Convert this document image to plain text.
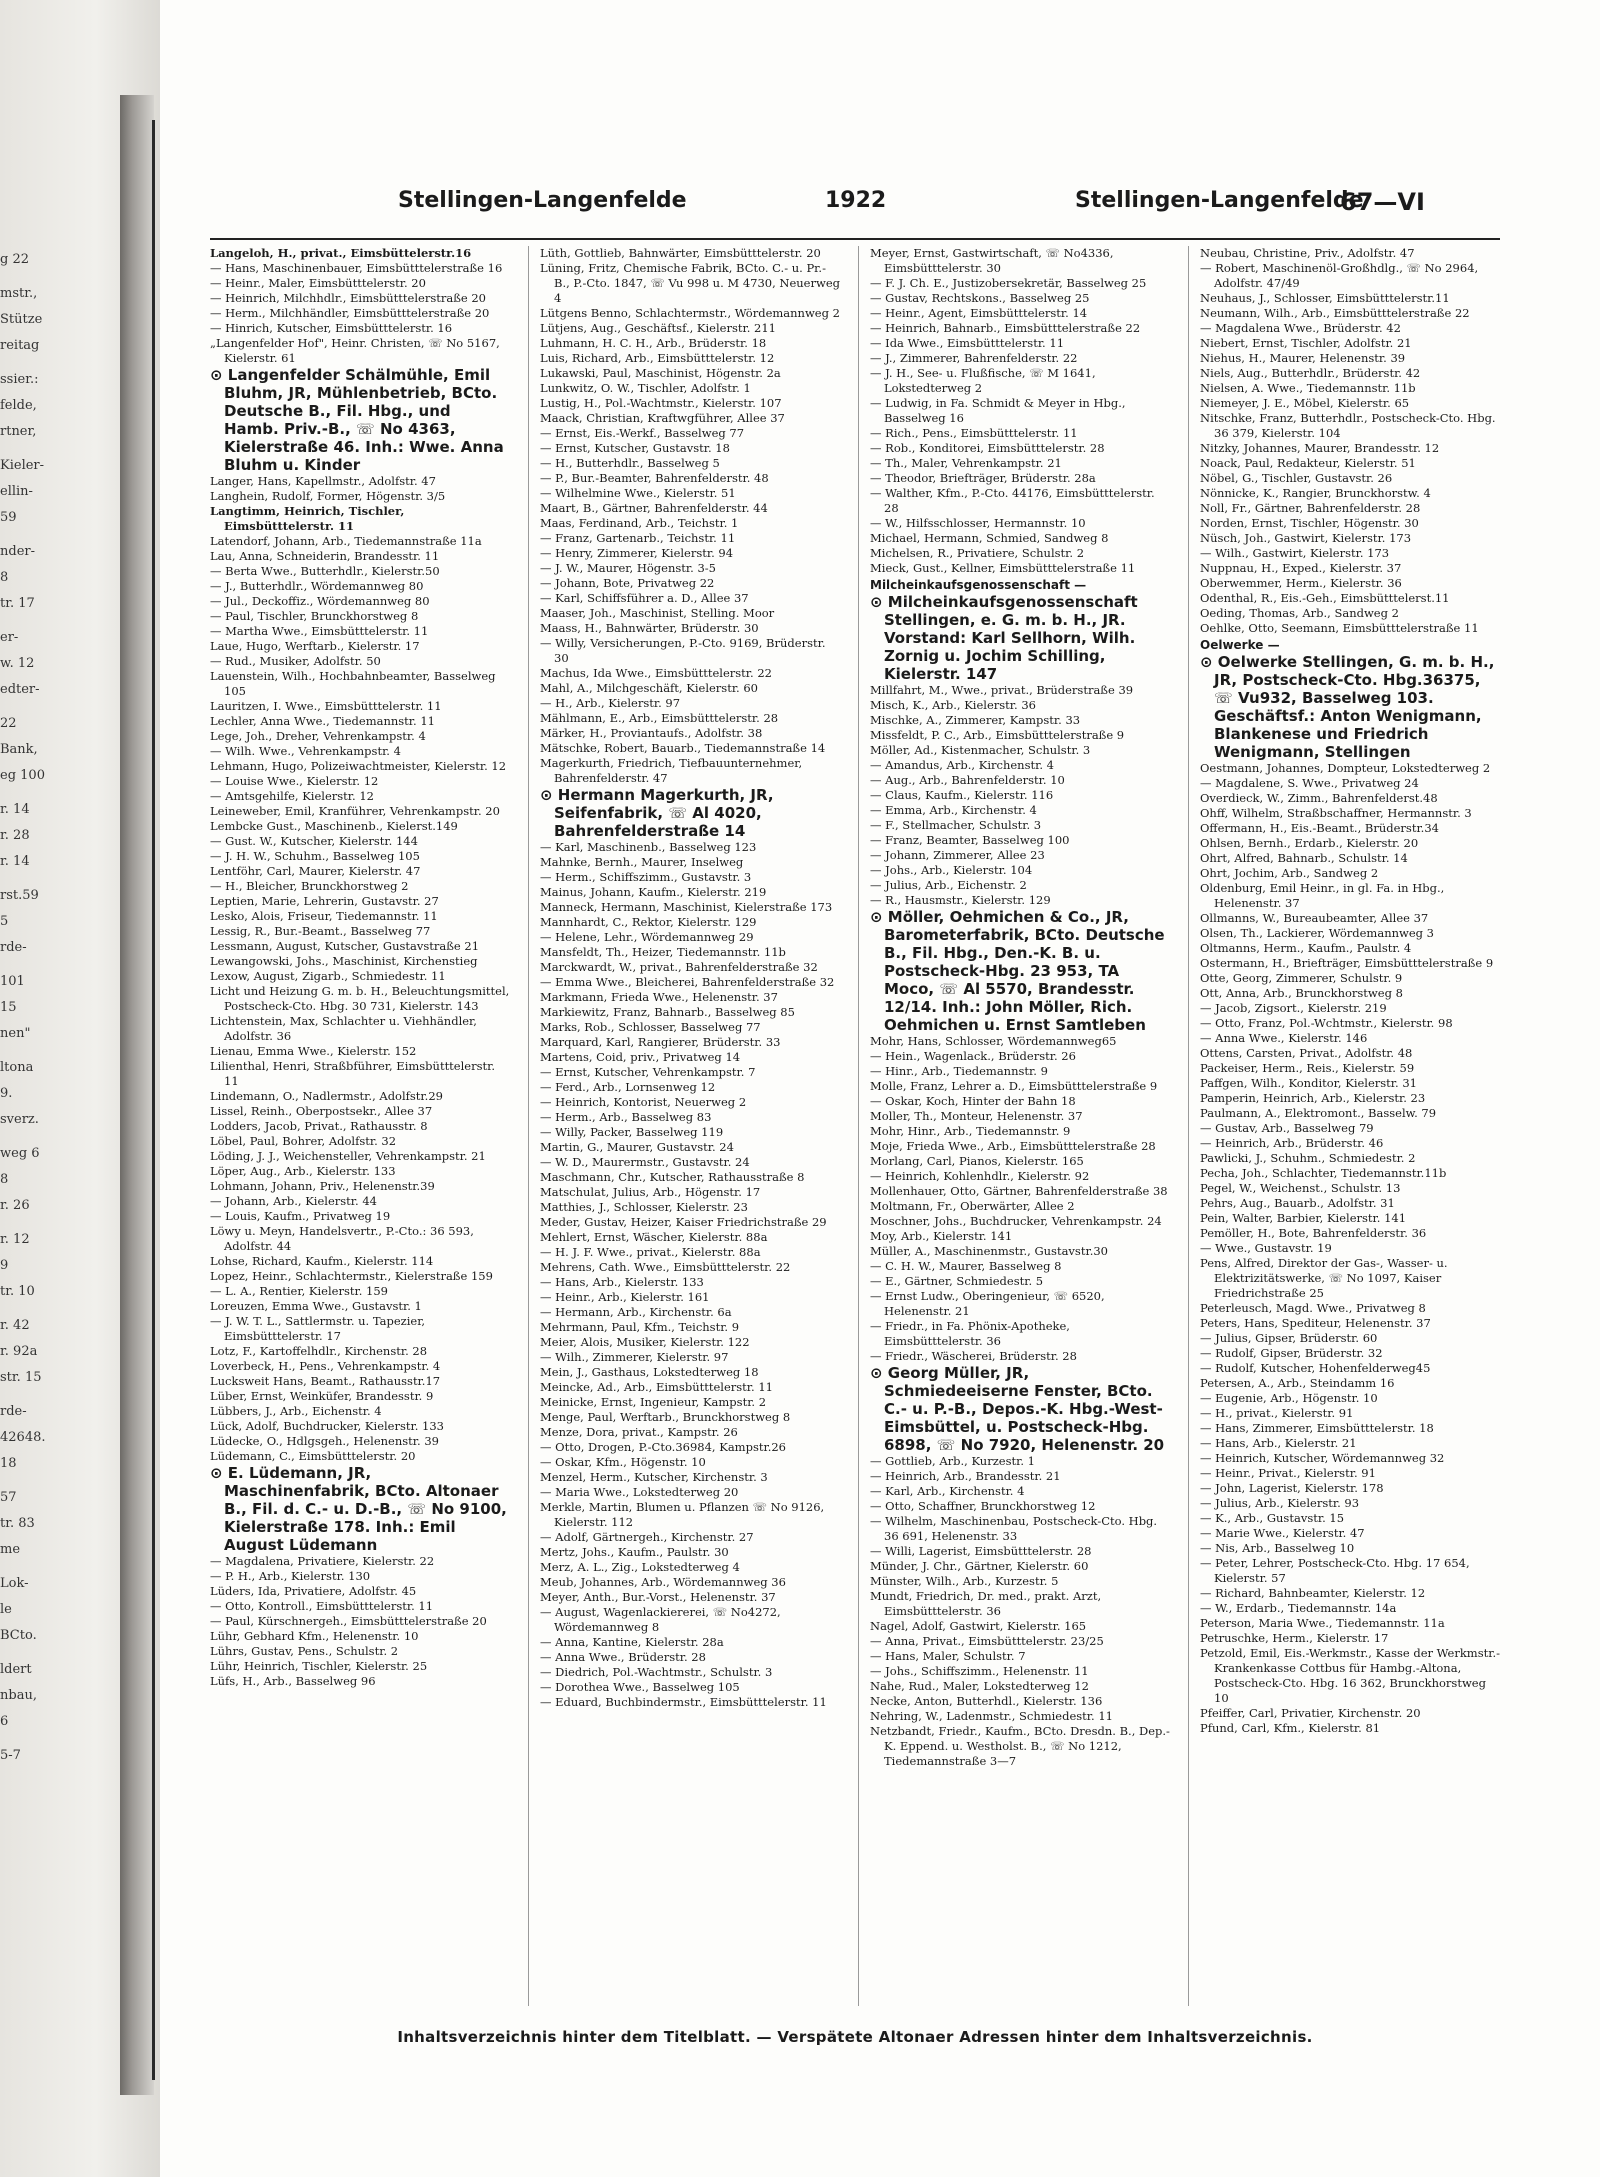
g 22
mstr.,
Stütze
reitag
ssier.:
felde,
rtner,
Kieler-
ellin-
59
nder-
8
tr. 17
er-
w. 12
edter-
22
Bank,
eg 100
r. 14
r. 28
r. 14
rst.59
5
rde-
101
15
nen"
ltona
9.
sverz.
weg 6
8
r. 26
r. 12
9
tr. 10
r. 42
r. 92a
str. 15
rde-
42648.
18
57
tr. 83
me
Lok-
le
BCto.
ldert
nbau,
6
5-7
Stellingen-Langenfelde	1922	Stellingen-Langenfelde
67—VI

Langeloh, H., privat., Eimsbüttelerstr.16

— Hans, Maschinenbauer, Eimsbütttelerstraße 16

— Heinr., Maler, Eimsbütttelerstr. 20

— Heinrich, Milchhdlr., Eimsbütttelerstraße 20

— Herm., Milchhändler, Eimsbütttelerstraße 20

— Hinrich, Kutscher, Eimsbütttelerstr. 16

„Langenfelder Hof", Heinr. Christen, ☏ No 5167, Kielerstr. 61

⊙ Langenfelder Schälmühle, Emil Bluhm, JR, Mühlenbetrieb, BCto. Deutsche B., Fil. Hbg., und Hamb. Priv.-B., ☏ No 4363, Kielerstraße 46. Inh.: Wwe. Anna Bluhm u. Kinder

Langer, Hans, Kapellmstr., Adolfstr. 47

Langhein, Rudolf, Former, Högenstr. 3/5

Langtimm, Heinrich, Tischler, Eimsbütttelerstr. 11

Latendorf, Johann, Arb., Tiedemannstraße 11a

Lau, Anna, Schneiderin, Brandesstr. 11

— Berta Wwe., Butterhdlr., Kielerstr.50

— J., Butterhdlr., Wördemannweg 80

— Jul., Deckoffiz., Wördemannweg 80

— Paul, Tischler, Brunckhorstweg 8

— Martha Wwe., Eimsbütttelerstr. 11

Laue, Hugo, Werftarb., Kielerstr. 17

— Rud., Musiker, Adolfstr. 50

Lauenstein, Wilh., Hochbahnbeamter, Basselweg 105

Lauritzen, I. Wwe., Eimsbütttelerstr. 11

Lechler, Anna Wwe., Tiedemannstr. 11

Lege, Joh., Dreher, Vehrenkampstr. 4

— Wilh. Wwe., Vehrenkampstr. 4

Lehmann, Hugo, Polizeiwachtmeister, Kielerstr. 12

— Louise Wwe., Kielerstr. 12

— Amtsgehilfe, Kielerstr. 12

Leineweber, Emil, Kranführer, Vehrenkampstr. 20

Lembcke Gust., Maschinenb., Kielerst.149

— Gust. W., Kutscher, Kielerstr. 144

— J. H. W., Schuhm., Basselweg 105

Lentföhr, Carl, Maurer, Kielerstr. 47

— H., Bleicher, Brunckhorstweg 2

Leptien, Marie, Lehrerin, Gustavstr. 27

Lesko, Alois, Friseur, Tiedemannstr. 11

Lessig, R., Bur.-Beamt., Basselweg 77

Lessmann, August, Kutscher, Gustavstraße 21

Lewangowski, Johs., Maschinist, Kirchenstieg

Lexow, August, Zigarb., Schmiedestr. 11

Licht und Heizung G. m. b. H., Beleuchtungsmittel, Postscheck-Cto. Hbg. 30 731, Kielerstr. 143

Lichtenstein, Max, Schlachter u. Viehhändler, Adolfstr. 36

Lienau, Emma Wwe., Kielerstr. 152

Lilienthal, Henri, Straßbführer, Eimsbütttelerstr. 11

Lindemann, O., Nadlermstr., Adolfstr.29

Lissel, Reinh., Oberpostsekr., Allee 37

Lodders, Jacob, Privat., Rathausstr. 8

Löbel, Paul, Bohrer, Adolfstr. 32

Löding, J. J., Weichensteller, Vehrenkampstr. 21

Löper, Aug., Arb., Kielerstr. 133

Lohmann, Johann, Priv., Helenenstr.39

— Johann, Arb., Kielerstr. 44

— Louis, Kaufm., Privatweg 19

Löwy u. Meyn, Handelsvertr., P.-Cto.: 36 593, Adolfstr. 44

Lohse, Richard, Kaufm., Kielerstr. 114

Lopez, Heinr., Schlachtermstr., Kielerstraße 159

— L. A., Rentier, Kielerstr. 159

Loreuzen, Emma Wwe., Gustavstr. 1

— J. W. T. L., Sattlermstr. u. Tapezier, Eimsbütttelerstr. 17

Lotz, F., Kartoffelhdlr., Kirchenstr. 28

Loverbeck, H., Pens., Vehrenkampstr. 4

Lucksweit Hans, Beamt., Rathausstr.17

Lüber, Ernst, Weinküfer, Brandesstr. 9

Lübbers, J., Arb., Eichenstr. 4

Lück, Adolf, Buchdrucker, Kielerstr. 133

Lüdecke, O., Hdlgsgeh., Helenenstr. 39

Lüdemann, C., Eimsbütttelerstr. 20

⊙ E. Lüdemann, JR, Maschinenfabrik, BCto. Altonaer B., Fil. d. C.- u. D.-B., ☏ No 9100, Kielerstraße 178. Inh.: Emil August Lüdemann

— Magdalena, Privatiere, Kielerstr. 22

— P. H., Arb., Kielerstr. 130

Lüders, Ida, Privatiere, Adolfstr. 45

— Otto, Kontroll., Eimsbütttelerstr. 11

— Paul, Kürschnergeh., Eimsbütttelerstraße 20

Lühr, Gebhard Kfm., Helenenstr. 10

Lührs, Gustav, Pens., Schulstr. 2

Lühr, Heinrich, Tischler, Kielerstr. 25

Lüfs, H., Arb., Basselweg 96

Lüth, Gottlieb, Bahnwärter, Eimsbütttelerstr. 20

Lüning, Fritz, Chemische Fabrik, BCto. C.- u. Pr.-B., P.-Cto. 1847, ☏ Vu 998 u. M 4730, Neuerweg 4

Lütgens Benno, Schlachtermstr., Wördemannweg 2

Lütjens, Aug., Geschäftsf., Kielerstr. 211

Luhmann, H. C. H., Arb., Brüderstr. 18

Luis, Richard, Arb., Eimsbütttelerstr. 12

Lukawski, Paul, Maschinist, Högenstr. 2a

Lunkwitz, O. W., Tischler, Adolfstr. 1

Lustig, H., Pol.-Wachtmstr., Kielerstr. 107

Maack, Christian, Kraftwgführer, Allee 37

— Ernst, Eis.-Werkf., Basselweg 77

— Ernst, Kutscher, Gustavstr. 18

— H., Butterhdlr., Basselweg 5

— P., Bur.-Beamter, Bahrenfelderstr. 48

— Wilhelmine Wwe., Kielerstr. 51

Maart, B., Gärtner, Bahrenfelderstr. 44

Maas, Ferdinand, Arb., Teichstr. 1

— Franz, Gartenarb., Teichstr. 11

— Henry, Zimmerer, Kielerstr. 94

— J. W., Maurer, Högenstr. 3-5

— Johann, Bote, Privatweg 22

— Karl, Schiffsführer a. D., Allee 37

Maaser, Joh., Maschinist, Stelling. Moor

Maass, H., Bahnwärter, Brüderstr. 30

— Willy, Versicherungen, P.-Cto. 9169, Brüderstr. 30

Machus, Ida Wwe., Eimsbütttelerstr. 22

Mahl, A., Milchgeschäft, Kielerstr. 60

— H., Arb., Kielerstr. 97

Mählmann, E., Arb., Eimsbütttelerstr. 28

Märker, H., Proviantaufs., Adolfstr. 38

Mätschke, Robert, Bauarb., Tiedemannstraße 14

Magerkurth, Friedrich, Tiefbauunternehmer, Bahrenfelderstr. 47

⊙ Hermann Magerkurth, JR, Seifenfabrik, ☏ Al 4020, Bahrenfelderstraße 14

— Karl, Maschinenb., Basselweg 123

Mahnke, Bernh., Maurer, Inselweg

— Herm., Schiffszimm., Gustavstr. 3

Mainus, Johann, Kaufm., Kielerstr. 219

Manneck, Hermann, Maschinist, Kielerstraße 173

Mannhardt, C., Rektor, Kielerstr. 129

— Helene, Lehr., Wördemannweg 29

Mansfeldt, Th., Heizer, Tiedemannstr. 11b

Marckwardt, W., privat., Bahrenfelderstraße 32

— Emma Wwe., Bleicherei, Bahrenfelderstraße 32

Markmann, Frieda Wwe., Helenenstr. 37

Markiewitz, Franz, Bahnarb., Basselweg 85

Marks, Rob., Schlosser, Basselweg 77

Marquard, Karl, Rangierer, Brüderstr. 33

Martens, Coid, priv., Privatweg 14

— Ernst, Kutscher, Vehrenkampstr. 7

— Ferd., Arb., Lornsenweg 12

— Heinrich, Kontorist, Neuerweg 2

— Herm., Arb., Basselweg 83

— Willy, Packer, Basselweg 119

Martin, G., Maurer, Gustavstr. 24

— W. D., Maurermstr., Gustavstr. 24

Maschmann, Chr., Kutscher, Rathausstraße 8

Matschulat, Julius, Arb., Högenstr. 17

Matthies, J., Schlosser, Kielerstr. 23

Meder, Gustav, Heizer, Kaiser Friedrichstraße 29

Mehlert, Ernst, Wäscher, Kielerstr. 88a

— H. J. F. Wwe., privat., Kielerstr. 88a

Mehrens, Cath. Wwe., Eimsbütttelerstr. 22

— Hans, Arb., Kielerstr. 133

— Heinr., Arb., Kielerstr. 161

— Hermann, Arb., Kirchenstr. 6a

Mehrmann, Paul, Kfm., Teichstr. 9

Meier, Alois, Musiker, Kielerstr. 122

— Wilh., Zimmerer, Kielerstr. 97

Mein, J., Gasthaus, Lokstedterweg 18

Meincke, Ad., Arb., Eimsbütttelerstr. 11

Meinicke, Ernst, Ingenieur, Kampstr. 2

Menge, Paul, Werftarb., Brunckhorstweg 8

Menze, Dora, privat., Kampstr. 26

— Otto, Drogen, P.-Cto.36984, Kampstr.26

— Oskar, Kfm., Högenstr. 10

Menzel, Herm., Kutscher, Kirchenstr. 3

— Maria Wwe., Lokstedterweg 20

Merkle, Martin, Blumen u. Pflanzen ☏ No 9126, Kielerstr. 112

— Adolf, Gärtnergeh., Kirchenstr. 27

Mertz, Johs., Kaufm., Paulstr. 30

Merz, A. L., Zig., Lokstedterweg 4

Meub, Johannes, Arb., Wördemannweg 36

Meyer, Anth., Bur.-Vorst., Helenenstr. 37

— August, Wagenlackiererei, ☏ No4272, Wördemannweg 8

— Anna, Kantine, Kielerstr. 28a

— Anna Wwe., Brüderstr. 28

— Diedrich, Pol.-Wachtmstr., Schulstr. 3

— Dorothea Wwe., Basselweg 105

— Eduard, Buchbindermstr., Eimsbütttelerstr. 11

Meyer, Ernst, Gastwirtschaft, ☏ No4336, Eimsbütttelerstr. 30

— F. J. Ch. E., Justizobersekretär, Basselweg 25

— Gustav, Rechtskons., Basselweg 25

— Heinr., Agent, Eimsbütttelerstr. 14

— Heinrich, Bahnarb., Eimsbütttelerstraße 22

— Ida Wwe., Eimsbütttelerstr. 11

— J., Zimmerer, Bahrenfelderstr. 22

— J. H., See- u. Flußfische, ☏ M 1641, Lokstedterweg 2

— Ludwig, in Fa. Schmidt & Meyer in Hbg., Basselweg 16

— Rich., Pens., Eimsbütttelerstr. 11

— Rob., Konditorei, Eimsbütttelerstr. 28

— Th., Maler, Vehrenkampstr. 21

— Theodor, Briefträger, Brüderstr. 28a

— Walther, Kfm., P.-Cto. 44176, Eimsbütttelerstr. 28

— W., Hilfsschlosser, Hermannstr. 10

Michael, Hermann, Schmied, Sandweg 8

Michelsen, R., Privatiere, Schulstr. 2

Mieck, Gust., Kellner, Eimsbütttelerstraße 11

Milcheinkaufsgenossenschaft —

⊙ Milcheinkaufsgenossenschaft Stellingen, e. G. m. b. H., JR. Vorstand: Karl Sellhorn, Wilh. Zornig u. Jochim Schilling, Kielerstr. 147

Millfahrt, M., Wwe., privat., Brüderstraße 39

Misch, K., Arb., Kielerstr. 36

Mischke, A., Zimmerer, Kampstr. 33

Missfeldt, P. C., Arb., Eimsbütttelerstraße 9

Möller, Ad., Kistenmacher, Schulstr. 3

— Amandus, Arb., Kirchenstr. 4

— Aug., Arb., Bahrenfelderstr. 10

— Claus, Kaufm., Kielerstr. 116

— Emma, Arb., Kirchenstr. 4

— F., Stellmacher, Schulstr. 3

— Franz, Beamter, Basselweg 100

— Johann, Zimmerer, Allee 23

— Johs., Arb., Kielerstr. 104

— Julius, Arb., Eichenstr. 2

— R., Hausmstr., Kielerstr. 129

⊙ Möller, Oehmichen & Co., JR, Barometerfabrik, BCto. Deutsche B., Fil. Hbg., Den.-K. B. u. Postscheck-Hbg. 23 953, TA Moco, ☏ Al 5570, Brandesstr. 12/14. Inh.: John Möller, Rich. Oehmichen u. Ernst Samtleben

Mohr, Hans, Schlosser, Wördemannweg65

— Hein., Wagenlack., Brüderstr. 26

— Hinr., Arb., Tiedemannstr. 9

Molle, Franz, Lehrer a. D., Eimsbütttelerstraße 9

— Oskar, Koch, Hinter der Bahn 18

Moller, Th., Monteur, Helenenstr. 37

Mohr, Hinr., Arb., Tiedemannstr. 9

Moje, Frieda Wwe., Arb., Eimsbütttelerstraße 28

Morlang, Carl, Pianos, Kielerstr. 165

— Heinrich, Kohlenhdlr., Kielerstr. 92

Mollenhauer, Otto, Gärtner, Bahrenfelderstraße 38

Moltmann, Fr., Oberwärter, Allee 2

Moschner, Johs., Buchdrucker, Vehrenkampstr. 24

Moy, Arb., Kielerstr. 141

Müller, A., Maschinenmstr., Gustavstr.30

— C. H. W., Maurer, Basselweg 8

— E., Gärtner, Schmiedestr. 5

— Ernst Ludw., Oberingenieur, ☏ 6520, Helenenstr. 21

— Friedr., in Fa. Phönix-Apotheke, Eimsbütttelerstr. 36

— Friedr., Wäscherei, Brüderstr. 28

⊙ Georg Müller, JR, Schmiedeeiserne Fenster, BCto. C.- u. P.-B., Depos.-K. Hbg.-West-Eimsbüttel, u. Postscheck-Hbg. 6898, ☏ No 7920, Helenenstr. 20

— Gottlieb, Arb., Kurzestr. 1

— Heinrich, Arb., Brandesstr. 21

— Karl, Arb., Kirchenstr. 4

— Otto, Schaffner, Brunckhorstweg 12

— Wilhelm, Maschinenbau, Postscheck-Cto. Hbg. 36 691, Helenenstr. 33

— Willi, Lagerist, Eimsbütttelerstr. 28

Münder, J. Chr., Gärtner, Kielerstr. 60

Münster, Wilh., Arb., Kurzestr. 5

Mundt, Friedrich, Dr. med., prakt. Arzt, Eimsbütttelerstr. 36

Nagel, Adolf, Gastwirt, Kielerstr. 165

— Anna, Privat., Eimsbütttelerstr. 23/25

— Hans, Maler, Schulstr. 7

— Johs., Schiffszimm., Helenenstr. 11

Nahe, Rud., Maler, Lokstedterweg 12

Necke, Anton, Butterhdl., Kielerstr. 136

Nehring, W., Ladenmstr., Schmiedestr. 11

Netzbandt, Friedr., Kaufm., BCto. Dresdn. B., Dep.-K. Eppend. u. Westholst. B., ☏ No 1212, Tiedemannstraße 3—7

Neubau, Christine, Priv., Adolfstr. 47

— Robert, Maschinenöl-Großhdlg., ☏ No 2964, Adolfstr. 47/49

Neuhaus, J., Schlosser, Eimsbütttelerstr.11

Neumann, Wilh., Arb., Eimsbütttelerstraße 22

— Magdalena Wwe., Brüderstr. 42

Niebert, Ernst, Tischler, Adolfstr. 21

Niehus, H., Maurer, Helenenstr. 39

Niels, Aug., Butterhdlr., Brüderstr. 42

Nielsen, A. Wwe., Tiedemannstr. 11b

Niemeyer, J. E., Möbel, Kielerstr. 65

Nitschke, Franz, Butterhdlr., Postscheck-Cto. Hbg. 36 379, Kielerstr. 104

Nitzky, Johannes, Maurer, Brandesstr. 12

Noack, Paul, Redakteur, Kielerstr. 51

Nöbel, G., Tischler, Gustavstr. 26

Nönnicke, K., Rangier, Brunckhorstw. 4

Noll, Fr., Gärtner, Bahrenfelderstr. 28

Norden, Ernst, Tischler, Högenstr. 30

Nüsch, Joh., Gastwirt, Kielerstr. 173

— Wilh., Gastwirt, Kielerstr. 173

Nuppnau, H., Exped., Kielerstr. 37

Oberwemmer, Herm., Kielerstr. 36

Odenthal, R., Eis.-Geh., Eimsbütttelerst.11

Oeding, Thomas, Arb., Sandweg 2

Oehlke, Otto, Seemann, Eimsbütttelerstraße 11

Oelwerke —

⊙ Oelwerke Stellingen, G. m. b. H., JR, Postscheck-Cto. Hbg.36375, ☏ Vu932, Basselweg 103. Geschäftsf.: Anton Wenigmann, Blankenese und Friedrich Wenigmann, Stellingen

Oestmann, Johannes, Dompteur, Lokstedterweg 2

— Magdalene, S. Wwe., Privatweg 24

Overdieck, W., Zimm., Bahrenfelderst.48

Ohff, Wilhelm, Straßbschaffner, Hermannstr. 3

Offermann, H., Eis.-Beamt., Brüderstr.34

Ohlsen, Bernh., Erdarb., Kielerstr. 20

Ohrt, Alfred, Bahnarb., Schulstr. 14

Ohrt, Jochim, Arb., Sandweg 2

Oldenburg, Emil Heinr., in gl. Fa. in Hbg., Helenenstr. 37

Ollmanns, W., Bureaubeamter, Allee 37

Olsen, Th., Lackierer, Wördemannweg 3

Oltmanns, Herm., Kaufm., Paulstr. 4

Ostermann, H., Briefträger, Eimsbütttelerstraße 9

Otte, Georg, Zimmerer, Schulstr. 9

Ott, Anna, Arb., Brunckhorstweg 8

— Jacob, Zigsort., Kielerstr. 219

— Otto, Franz, Pol.-Wchtmstr., Kielerstr. 98

— Anna Wwe., Kielerstr. 146

Ottens, Carsten, Privat., Adolfstr. 48

Packeiser, Herm., Reis., Kielerstr. 59

Paffgen, Wilh., Konditor, Kielerstr. 31

Pamperin, Heinrich, Arb., Kielerstr. 23

Paulmann, A., Elektromont., Basselw. 79

— Gustav, Arb., Basselweg 79

— Heinrich, Arb., Brüderstr. 46

Pawlicki, J., Schuhm., Schmiedestr. 2

Pecha, Joh., Schlachter, Tiedemannstr.11b

Pegel, W., Weichenst., Schulstr. 13

Pehrs, Aug., Bauarb., Adolfstr. 31

Pein, Walter, Barbier, Kielerstr. 141

Pemöller, H., Bote, Bahrenfelderstr. 36

— Wwe., Gustavstr. 19

Pens, Alfred, Direktor der Gas-, Wasser- u. Elektrizitätswerke, ☏ No 1097, Kaiser Friedrichstraße 25

Peterleusch, Magd. Wwe., Privatweg 8

Peters, Hans, Spediteur, Helenenstr. 37

— Julius, Gipser, Brüderstr. 60

— Rudolf, Gipser, Brüderstr. 32

— Rudolf, Kutscher, Hohenfelderweg45

Petersen, A., Arb., Steindamm 16

— Eugenie, Arb., Högenstr. 10

— H., privat., Kielerstr. 91

— Hans, Zimmerer, Eimsbütttelerstr. 18

— Hans, Arb., Kielerstr. 21

— Heinrich, Kutscher, Wördemannweg 32

— Heinr., Privat., Kielerstr. 91

— John, Lagerist, Kielerstr. 178

— Julius, Arb., Kielerstr. 93

— K., Arb., Gustavstr. 15

— Marie Wwe., Kielerstr. 47

— Nis, Arb., Basselweg 10

— Peter, Lehrer, Postscheck-Cto. Hbg. 17 654, Kielerstr. 57

— Richard, Bahnbeamter, Kielerstr. 12

— W., Erdarb., Tiedemannstr. 14a

Peterson, Maria Wwe., Tiedemannstr. 11a

Petruschke, Herm., Kielerstr. 17

Petzold, Emil, Eis.-Werkmstr., Kasse der Werkmstr.-Krankenkasse Cottbus für Hambg.-Altona, Postscheck-Cto. Hbg. 16 362, Brunckhorstweg 10

Pfeiffer, Carl, Privatier, Kirchenstr. 20

Pfund, Carl, Kfm., Kielerstr. 81

Inhaltsverzeichnis hinter dem Titelblatt. — Verspätete Altonaer Adressen hinter dem Inhaltsverzeichnis.
